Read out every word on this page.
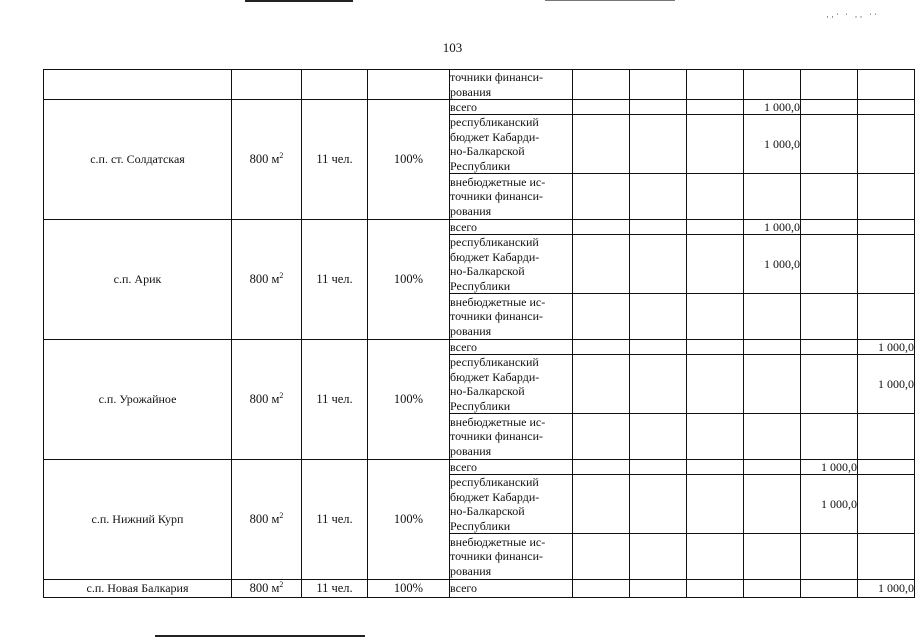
··ˈ ˈ ·· ˈˈ
103
				точники финанси-
рования						
с.п. ст. Солдатская	800 $м^2$	11 чел.	100%	всего				1 000,0		
				республиканский
бюджет Кабарди-
но-Балкарской
Республики				1 000,0		
				внебюджетные ис-
точники финанси-
рования						
с.п. Арик	800 $м^2$	11 чел.	100%	всего				1 000,0		
				республиканский
бюджет Кабарди-
но-Балкарской
Республики				1 000,0		
				внебюджетные ис-
точники финанси-
рования						
с.п. Урожайное	800 $м^2$	11 чел.	100%	всего						1 000,0
				республиканский
бюджет Кабарди-
но-Балкарской
Республики						1 000,0
				внебюджетные ис-
точники финанси-
рования						
с.п. Нижний Курп	800 $м^2$	11 чел.	100%	всего					1 000,0	
				республиканский
бюджет Кабарди-
но-Балкарской
Республики					1 000,0	
				внебюджетные ис-
точники финанси-
рования						
с.п. Новая Балкария	800 $м^2$	11 чел.	100%	всего						1 000,0
